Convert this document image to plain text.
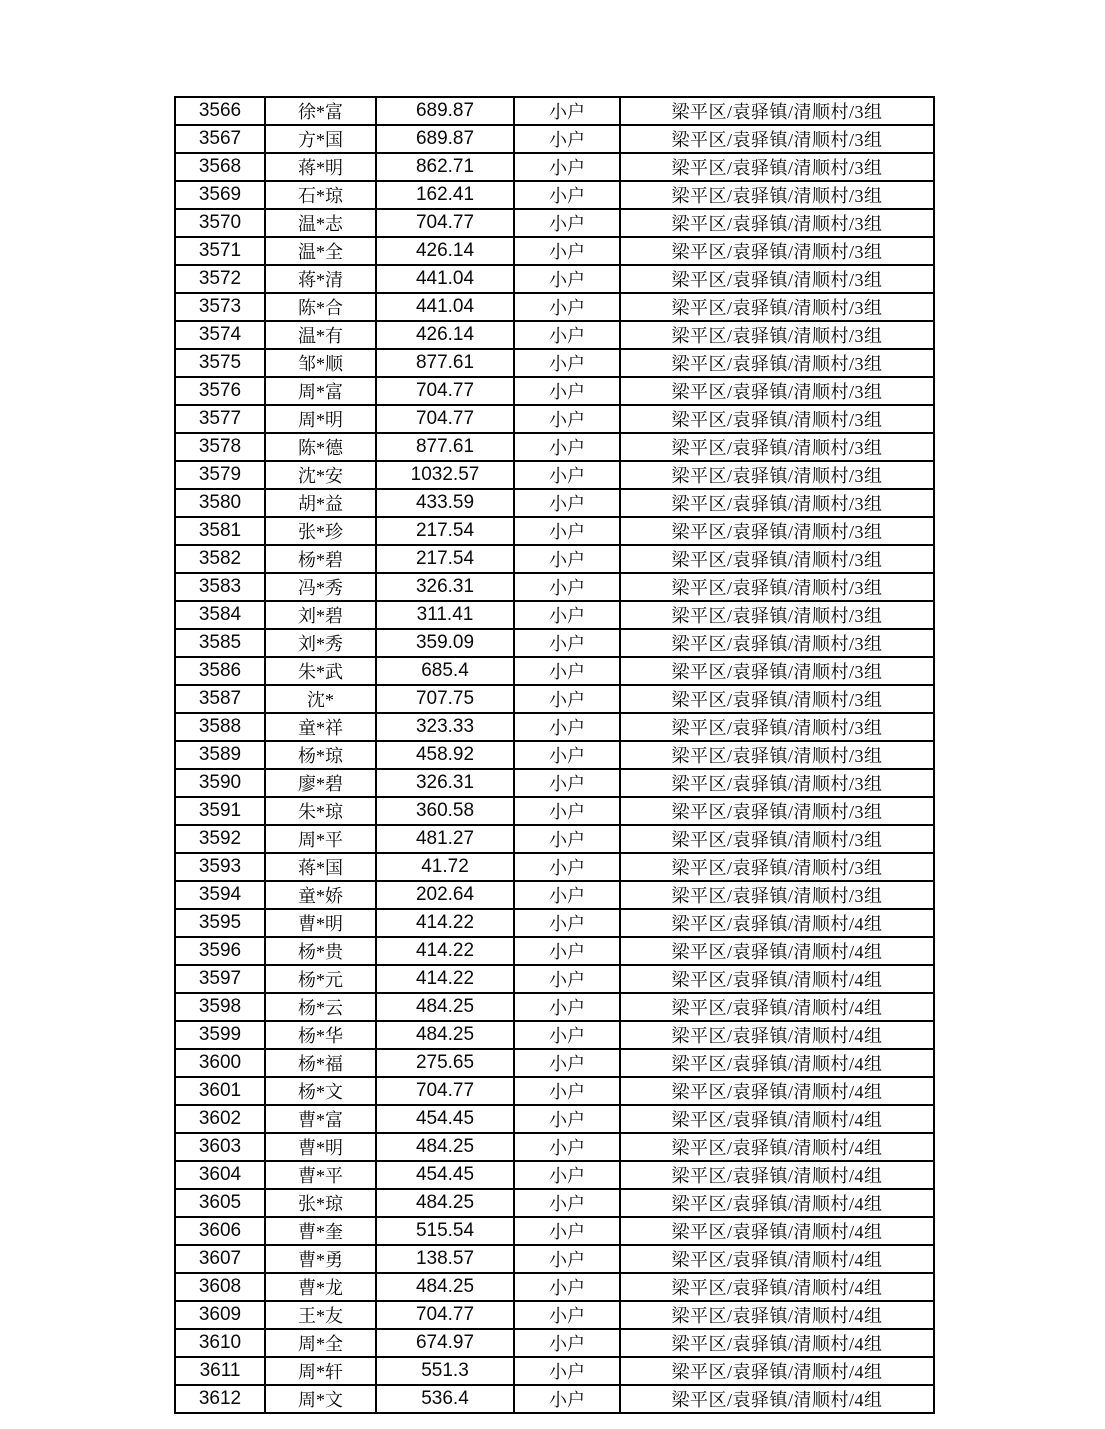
3566	徐*富	689.87	小户	梁平区/袁驿镇/清顺村/3组
3567	方*国	689.87	小户	梁平区/袁驿镇/清顺村/3组
3568	蒋*明	862.71	小户	梁平区/袁驿镇/清顺村/3组
3569	石*琼	162.41	小户	梁平区/袁驿镇/清顺村/3组
3570	温*志	704.77	小户	梁平区/袁驿镇/清顺村/3组
3571	温*全	426.14	小户	梁平区/袁驿镇/清顺村/3组
3572	蒋*清	441.04	小户	梁平区/袁驿镇/清顺村/3组
3573	陈*合	441.04	小户	梁平区/袁驿镇/清顺村/3组
3574	温*有	426.14	小户	梁平区/袁驿镇/清顺村/3组
3575	邹*顺	877.61	小户	梁平区/袁驿镇/清顺村/3组
3576	周*富	704.77	小户	梁平区/袁驿镇/清顺村/3组
3577	周*明	704.77	小户	梁平区/袁驿镇/清顺村/3组
3578	陈*德	877.61	小户	梁平区/袁驿镇/清顺村/3组
3579	沈*安	1032.57	小户	梁平区/袁驿镇/清顺村/3组
3580	胡*益	433.59	小户	梁平区/袁驿镇/清顺村/3组
3581	张*珍	217.54	小户	梁平区/袁驿镇/清顺村/3组
3582	杨*碧	217.54	小户	梁平区/袁驿镇/清顺村/3组
3583	冯*秀	326.31	小户	梁平区/袁驿镇/清顺村/3组
3584	刘*碧	311.41	小户	梁平区/袁驿镇/清顺村/3组
3585	刘*秀	359.09	小户	梁平区/袁驿镇/清顺村/3组
3586	朱*武	685.4	小户	梁平区/袁驿镇/清顺村/3组
3587	沈*	707.75	小户	梁平区/袁驿镇/清顺村/3组
3588	童*祥	323.33	小户	梁平区/袁驿镇/清顺村/3组
3589	杨*琼	458.92	小户	梁平区/袁驿镇/清顺村/3组
3590	廖*碧	326.31	小户	梁平区/袁驿镇/清顺村/3组
3591	朱*琼	360.58	小户	梁平区/袁驿镇/清顺村/3组
3592	周*平	481.27	小户	梁平区/袁驿镇/清顺村/3组
3593	蒋*国	41.72	小户	梁平区/袁驿镇/清顺村/3组
3594	童*娇	202.64	小户	梁平区/袁驿镇/清顺村/3组
3595	曹*明	414.22	小户	梁平区/袁驿镇/清顺村/4组
3596	杨*贵	414.22	小户	梁平区/袁驿镇/清顺村/4组
3597	杨*元	414.22	小户	梁平区/袁驿镇/清顺村/4组
3598	杨*云	484.25	小户	梁平区/袁驿镇/清顺村/4组
3599	杨*华	484.25	小户	梁平区/袁驿镇/清顺村/4组
3600	杨*福	275.65	小户	梁平区/袁驿镇/清顺村/4组
3601	杨*文	704.77	小户	梁平区/袁驿镇/清顺村/4组
3602	曹*富	454.45	小户	梁平区/袁驿镇/清顺村/4组
3603	曹*明	484.25	小户	梁平区/袁驿镇/清顺村/4组
3604	曹*平	454.45	小户	梁平区/袁驿镇/清顺村/4组
3605	张*琼	484.25	小户	梁平区/袁驿镇/清顺村/4组
3606	曹*奎	515.54	小户	梁平区/袁驿镇/清顺村/4组
3607	曹*勇	138.57	小户	梁平区/袁驿镇/清顺村/4组
3608	曹*龙	484.25	小户	梁平区/袁驿镇/清顺村/4组
3609	王*友	704.77	小户	梁平区/袁驿镇/清顺村/4组
3610	周*全	674.97	小户	梁平区/袁驿镇/清顺村/4组
3611	周*轩	551.3	小户	梁平区/袁驿镇/清顺村/4组
3612	周*文	536.4	小户	梁平区/袁驿镇/清顺村/4组
